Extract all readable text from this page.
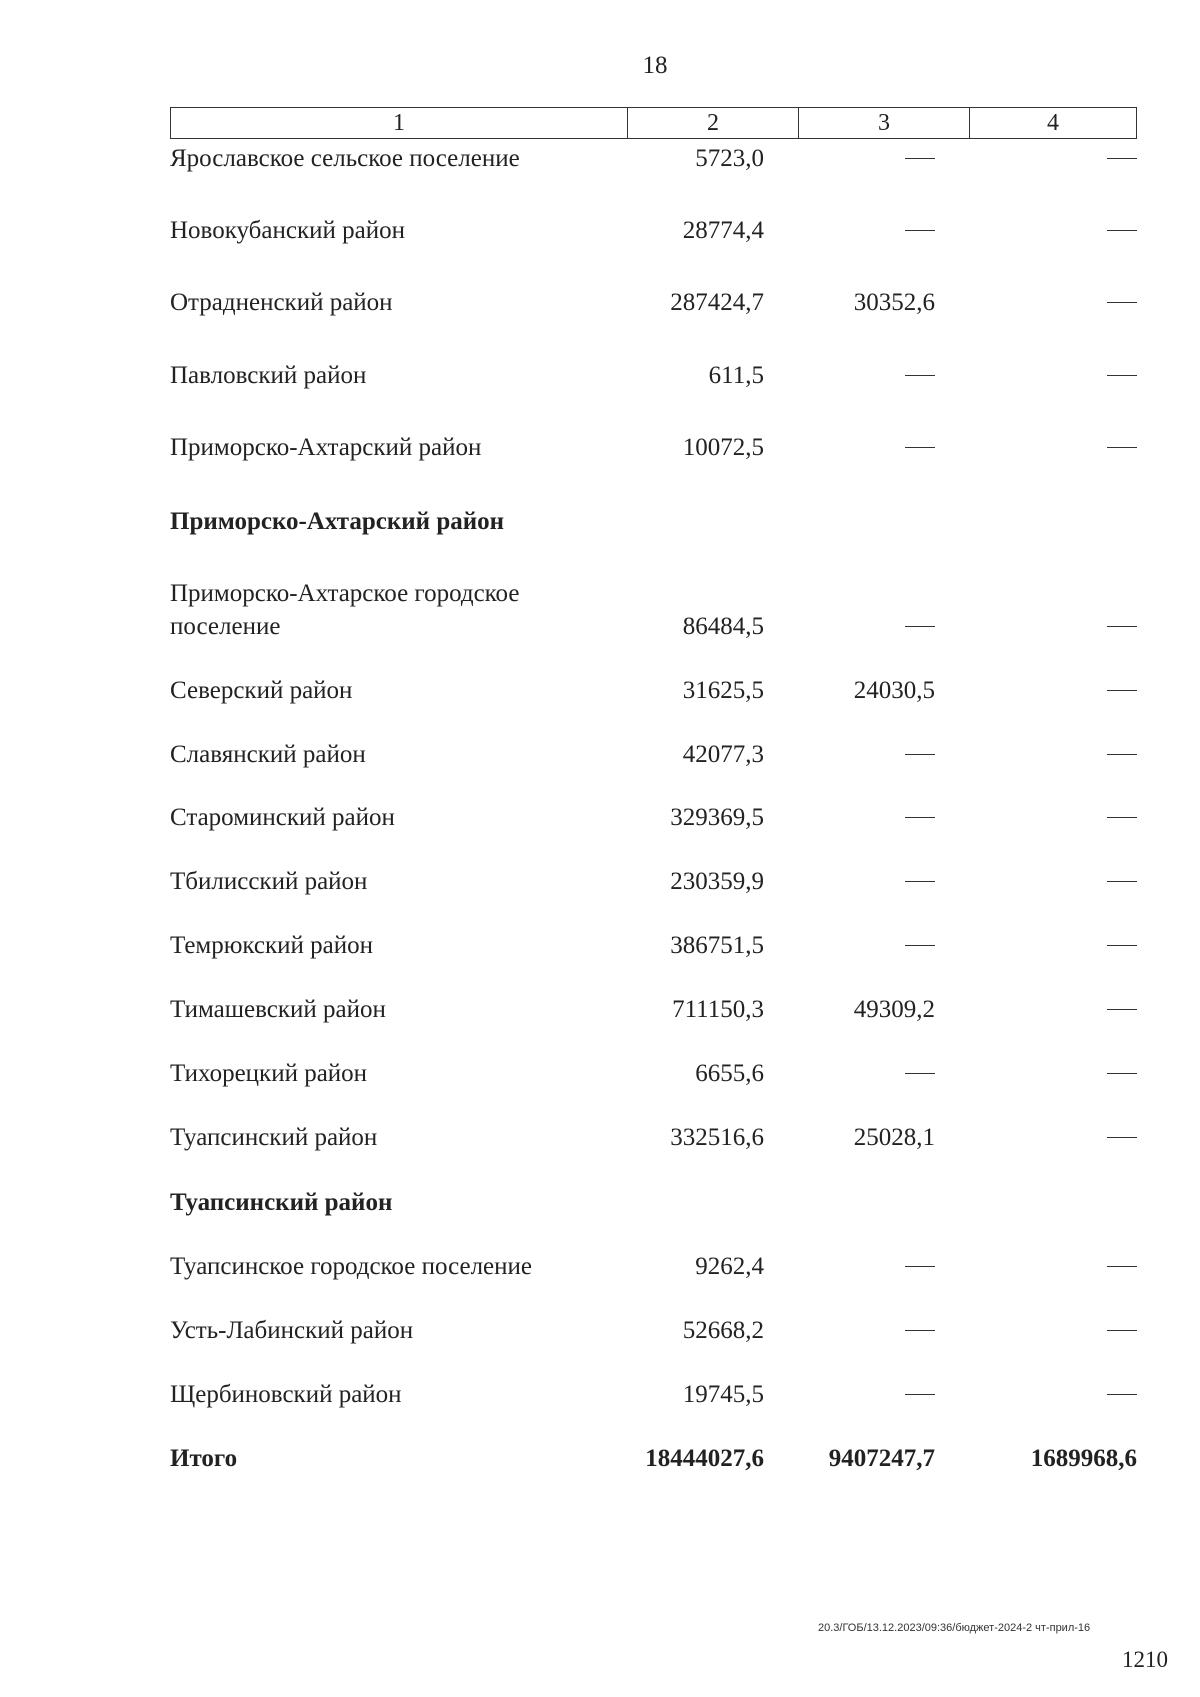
18
1	2	3	4
Ярославское сельское поселение	5723,0
Новокубанский район	28774,4
Отрадненский район	287424,7	30352,6
Павловский район	611,5
Приморско-Ахтарский район	10072,5
Приморско-Ахтарский район
Приморско-Ахтарское городское поселение	86484,5
Северский район	31625,5	24030,5
Славянский район	42077,3
Староминский район	329369,5
Тбилисский район	230359,9
Темрюкский район	386751,5
Тимашевский район	711150,3	49309,2
Тихорецкий район	6655,6
Туапсинский район	332516,6	25028,1
Туапсинский район
Туапсинское городское поселение	9262,4
Усть-Лабинский район	52668,2
Щербиновский район	19745,5
Итого	18444027,6	9407247,7	1689968,6
20.3/ГОБ/13.12.2023/09:36/бюджет-2024-2 чт-прил-16
1210
